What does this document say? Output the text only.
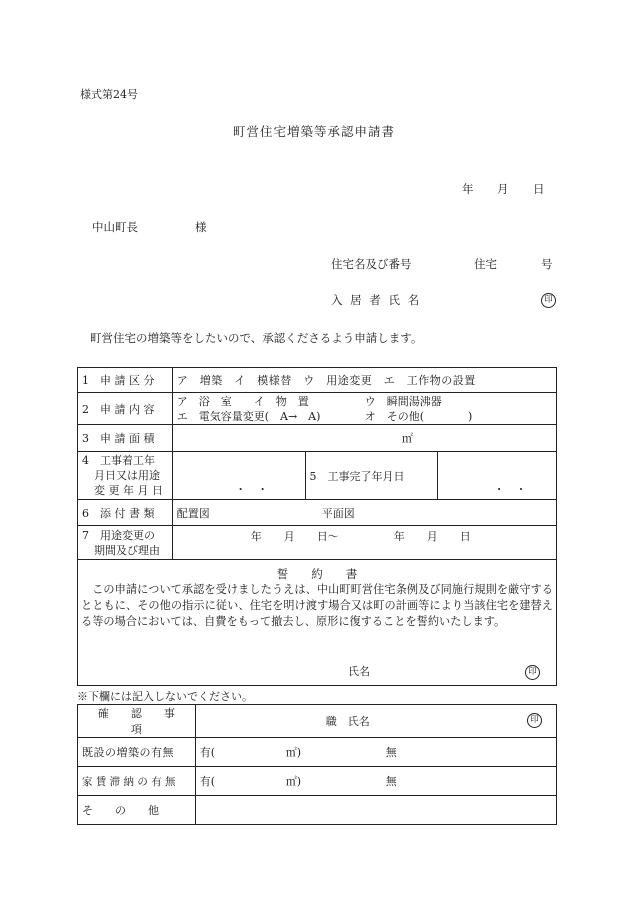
様式第24号
町営住宅増築等承認申請書
年 月 日
中山町長	様
住宅名及び番号	住宅	号
入 居 者 氏 名	印
町営住宅の増築等をしたいので、承認くださるよう申請します。
1　申 請 区 分	ア　増築　イ　模様替　ウ　用途変更　エ　工作物の設置		
2　申 請 内 容	ア　浴　室　　イ　物　置 ウ　瞬間湯沸器
エ　電気容量変更(　A→　A) オ　その他(　　　　)		

3　申 請 面 積	㎡		

4　工事着工年
月日又は用途
変 更 年 月 日	・　・	5　工事完了年月日	・　・
6　添 付 書 類	配置図 平面図		

7　用途変更の
期間及び理由	年　　月　　日～　　　　　年　　月　　日		

誓　　約　　書
この申請について承認を受けましたうえは、中山町町営住宅条例及び同施行規則を厳守するとともに、その他の指示に従い、住宅を明け渡す場合又は町の計画等により当該住宅を建替える等の場合においては、自費をもって撤去し、原形に復することを誓約いたします。
氏名 印			
※下欄には記入しないでください。
確　　認　　事　　項	職　氏名 印

既設の増築の有無	有( ㎡) 無
家 賃 滞 納 の 有 無	有( ㎡) 無
そ　　の　　他	
